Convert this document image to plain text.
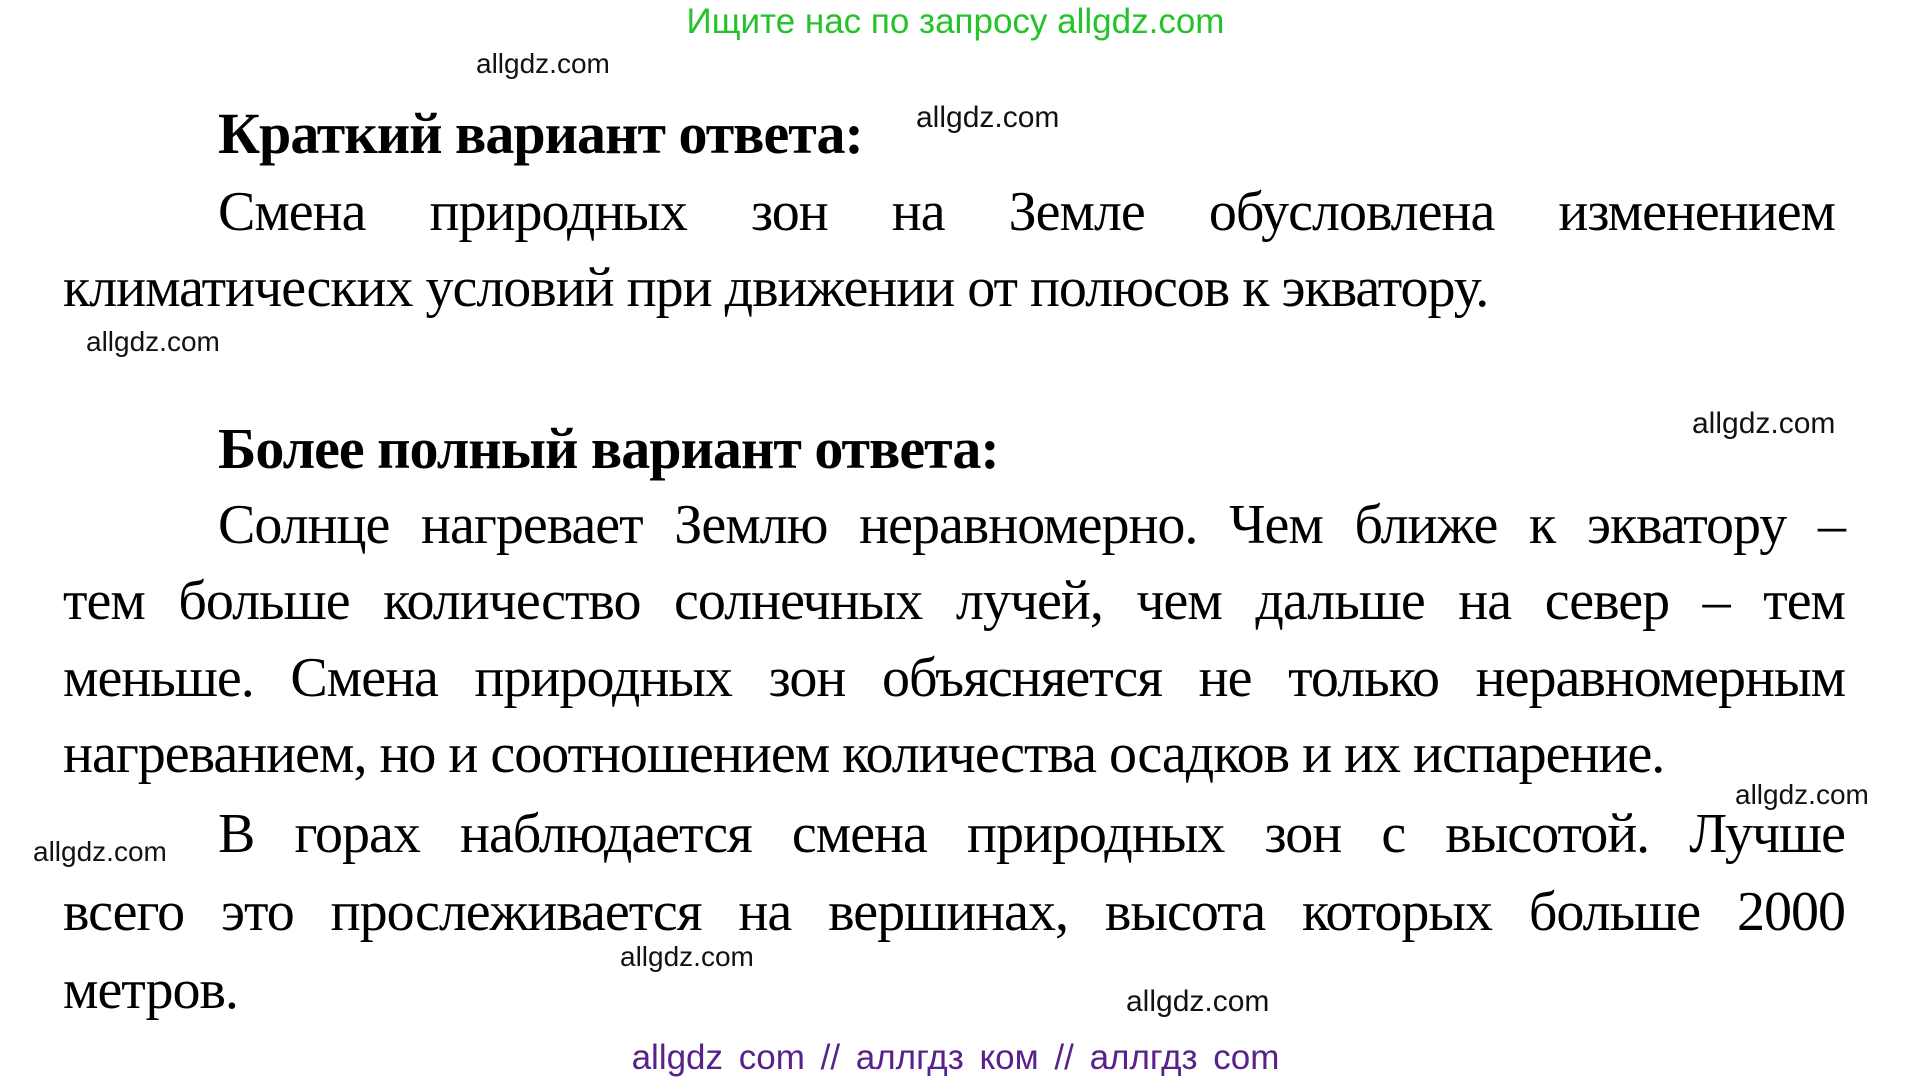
Ищите нас по запросу allgdz.com
allgdz.com
allgdz.com
Краткий вариант ответа:
Смена природных зон на Земле обусловлена изменением
климатических условий при движении от полюсов к экватору.
allgdz.com
allgdz.com
Более полный вариант ответа:
Солнце нагревает Землю неравномерно. Чем ближе к экватору –
тем больше количество солнечных лучей, чем дальше на север – тем
меньше. Смена природных зон объясняется не только неравномерным
нагреванием, но и соотношением количества осадков и их испарение.
allgdz.com
allgdz.com В горах наблюдается смена природных зон с высотой. Лучше
всего это прослеживается на вершинах, высота которых больше 2000
метров.
allgdz.com
allgdz.com
allgdz com // аллгдз ком // аллгдз com
